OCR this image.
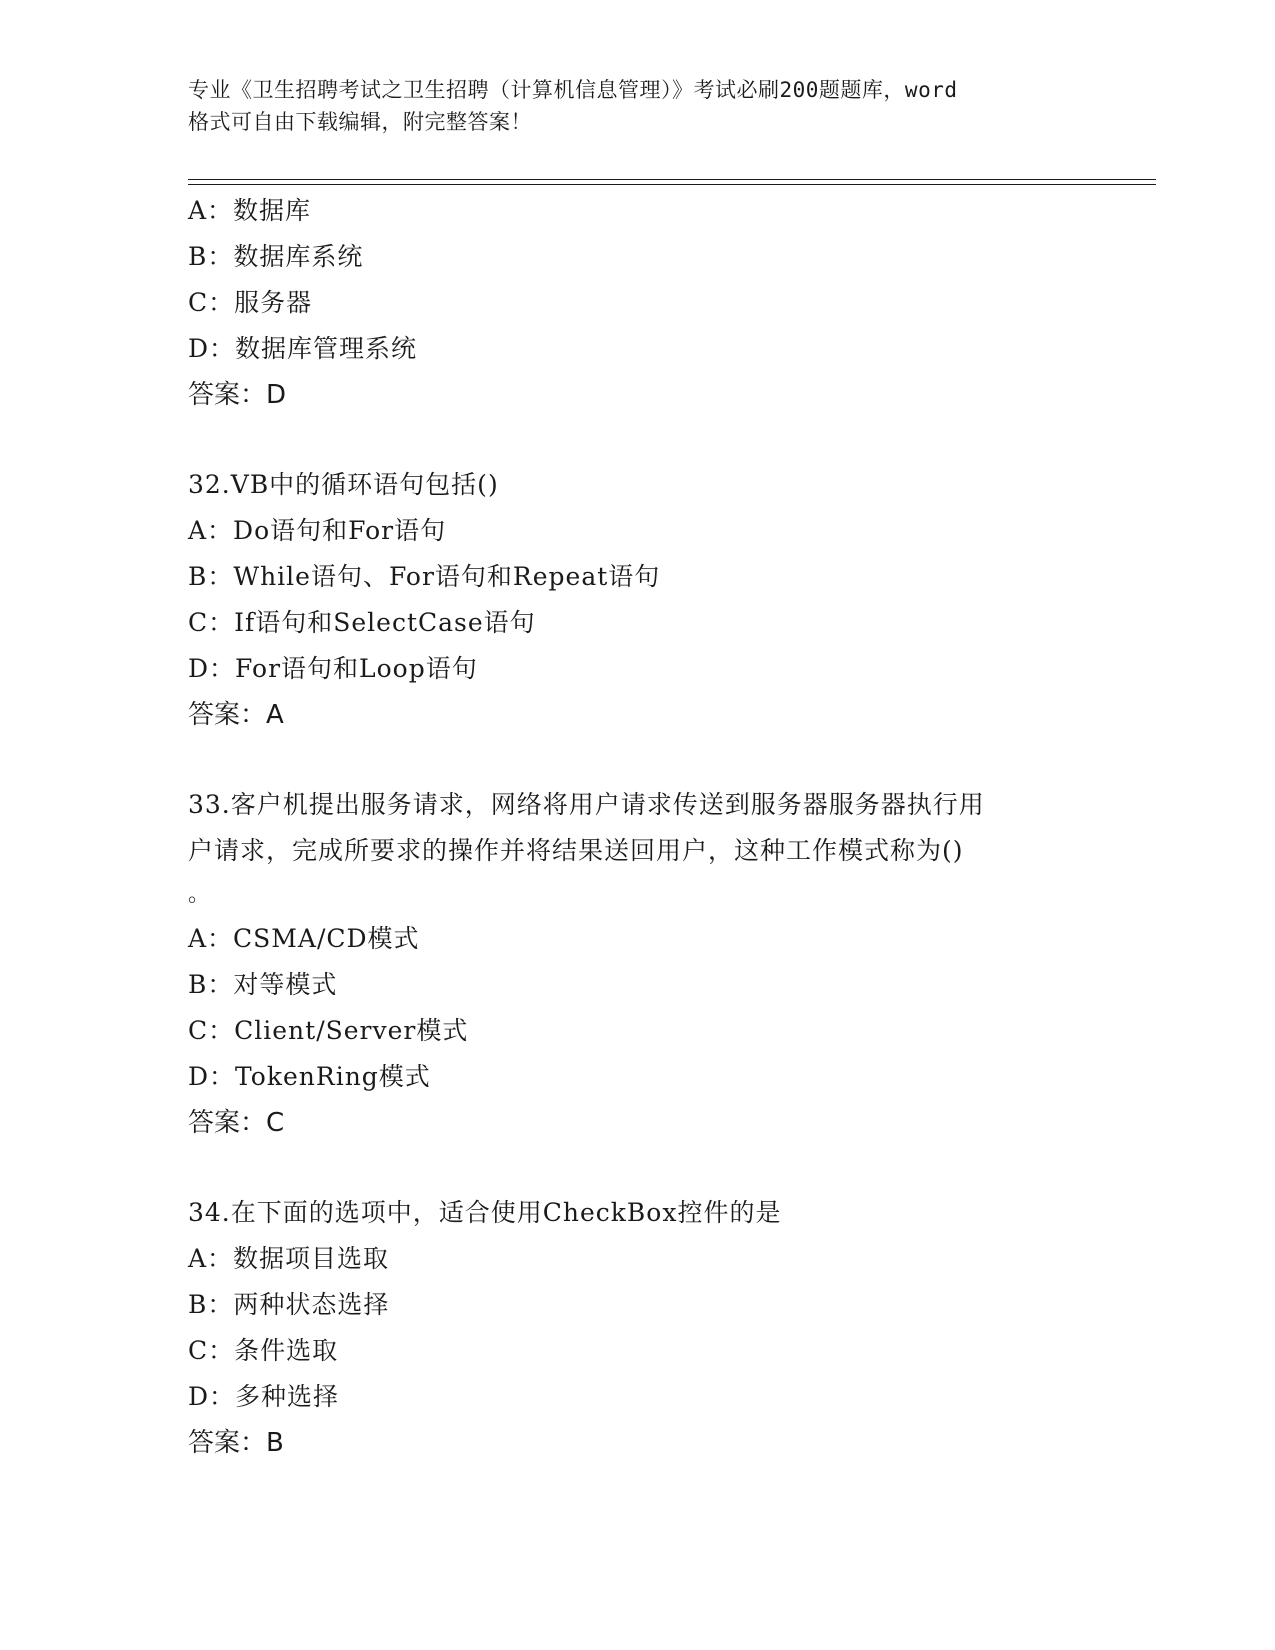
专业《卫生招聘考试之卫生招聘（计算机信息管理）》考试必刷200题题库，word
格式可自由下载编辑，附完整答案！
A：数据库
B：数据库系统
C：服务器
D：数据库管理系统
答案：D
32.VB中的循环语句包括()
A：Do语句和For语句
B：While语句、For语句和Repeat语句
C：If语句和SelectCase语句
D：For语句和Loop语句
答案：A
33.客户机提出服务请求，网络将用户请求传送到服务器服务器执行用
户请求，完成所要求的操作并将结果送回用户，这种工作模式称为()
。
A：CSMA/CD模式
B：对等模式
C：Client/Server模式
D：TokenRing模式
答案：C
34.在下面的选项中，适合使用CheckBox控件的是
A：数据项目选取
B：两种状态选择
C：条件选取
D：多种选择
答案：B
